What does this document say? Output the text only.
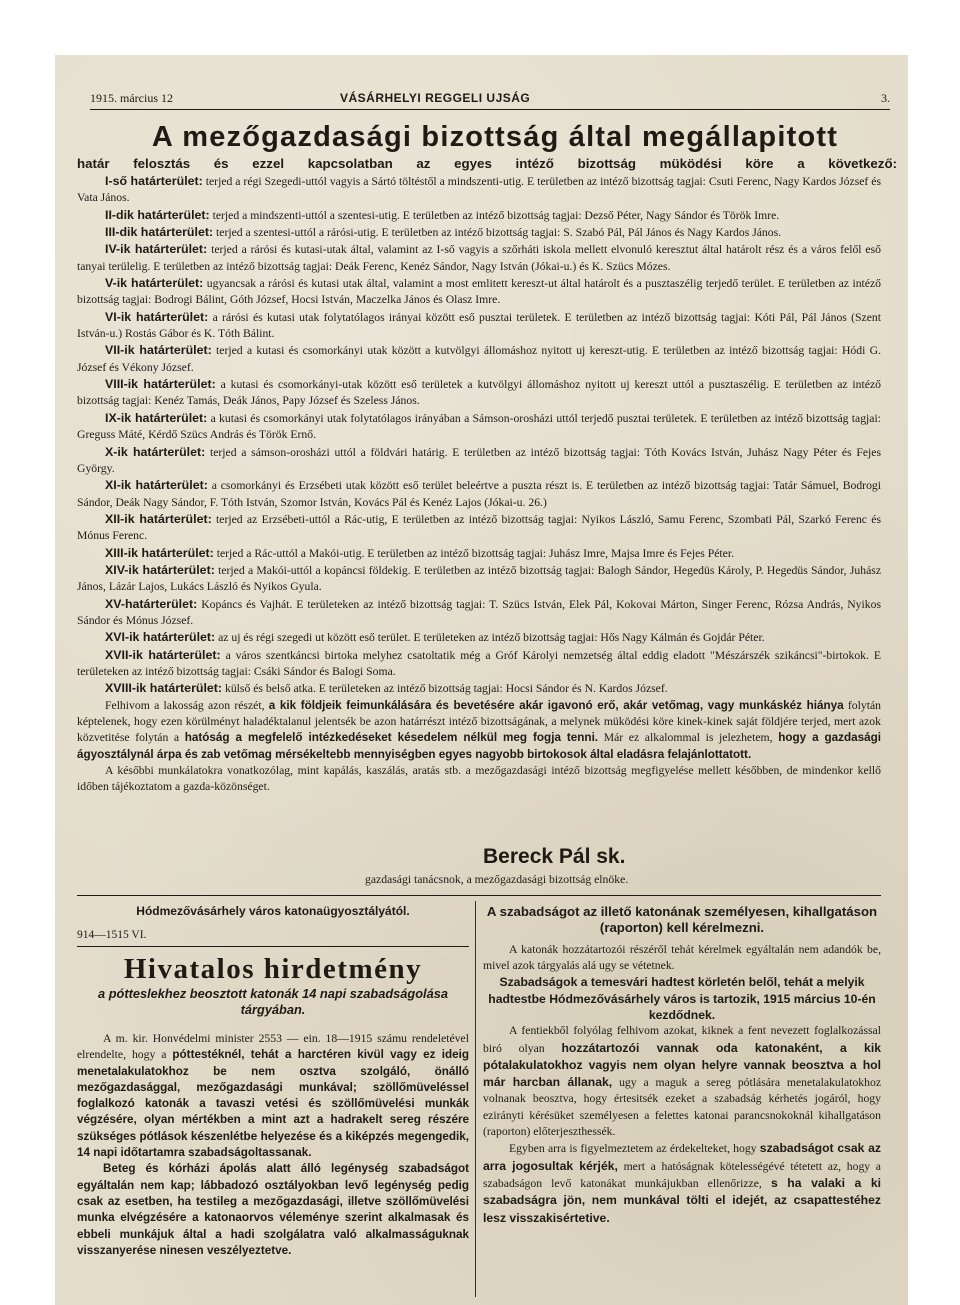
1915. március 12	VÁSÁRHELYI REGGELI UJSÁG	3.
A mezőgazdasági bizottság által megállapitott
határ felosztás és ezzel kapcsolatban az egyes intéző bizottság müködési köre a következő:

I-ső határterület: terjed a régi Szegedi-uttól vagyis a Sártó töltéstől a mindszenti-utig. E területben az intéző bizottság tagjai: Csuti Ferenc, Nagy Kardos József és Vata János.

II-dik határterület: terjed a mindszenti-uttól a szentesi-utig. E területben az intéző bizottság tagjai: Dezső Péter, Nagy Sándor és Török Imre.

III-dik határterület: terjed a szentesi-uttól a rárósi-utig. E területben az intéző bizottság tagjai: S. Szabó Pál, Pál János és Nagy Kardos János.

IV-ik határterület: terjed a rárósi és kutasi-utak által, valamint az I-ső vagyis a szőrháti iskola mellett elvonuló keresztut által határolt rész és a város felől eső tanyai terülelig. E területben az intéző bizottság tagjai: Deák Ferenc, Kenéz Sándor, Nagy István (Jókai-u.) és K. Szücs Mózes.

V-ik határterület: ugyancsak a rárósi és kutasi utak által, valamint a most emlitett kereszt-ut által határolt és a pusztaszélig terjedő terület. E területben az intéző bizottság tagjai: Bodrogi Bálint, Góth József, Hocsi István, Maczelka János és Olasz Imre.

VI-ik határterület: a rárósi és kutasi utak folytatólagos irányai között eső pusztai területek. E területben az intéző bizottság tagjai: Kóti Pál, Pál János (Szent István-u.) Rostás Gábor és K. Tóth Bálint.

VII-ik határterület: terjed a kutasi és csomorkányi utak között a kutvölgyi állomáshoz nyitott uj kereszt-utig. E területben az intéző bizottság tagjai: Hódi G. József és Vékony József.

VIII-ik határterület: a kutasi és csomorkányi-utak között eső területek a kutvölgyi állomáshoz nyitott uj kereszt uttól a pusztaszélig. E területben az intéző bizottság tagjai: Kenéz Tamás, Deák János, Papy József és Szeless János.

IX-ik határterület: a kutasi és csomorkányi utak folytatólagos irányában a Sámson-orosházi uttól terjedő pusztai területek. E területben az intéző bizottság tagjai: Greguss Máté, Kérdő Szücs András és Török Ernő.

X-ik határterület: terjed a sámson-orosházi uttól a földvári határig. E területben az intéző bizottság tagjai: Tóth Kovács István, Juhász Nagy Péter és Fejes György.

XI-ik határterület: a csomorkányi és Erzsébeti utak között eső terület beleértve a puszta részt is. E területben az intéző bizottság tagjai: Tatár Sámuel, Bodrogi Sándor, Deák Nagy Sándor, F. Tóth István, Szomor István, Kovács Pál és Kenéz Lajos (Jókai-u. 26.)

XII-ik határterület: terjed az Erzsébeti-uttól a Rác-utig, E területben az intéző bizottság tagjai: Nyikos László, Samu Ferenc, Szombati Pál, Szarkó Ferenc és Mónus Ferenc.

XIII-ik határterület: terjed a Rác-uttól a Makói-utig. E területben az intéző bizottság tagjai: Juhász Imre, Majsa Imre és Fejes Péter.

XIV-ik határterület: terjed a Makói-uttól a kopáncsi földekig. E területben az intéző bizottság tagjai: Balogh Sándor, Hegedüs Károly, P. Hegedüs Sándor, Juhász János, Lázár Lajos, Lukács László és Nyikos Gyula.

XV-határterület: Kopáncs és Vajhát. E területeken az intéző bizottság tagjai: T. Szücs István, Elek Pál, Kokovai Márton, Singer Ferenc, Rózsa András, Nyikos Sándor és Mónus József.

XVI-ik határterület: az uj és régi szegedi ut között eső terület. E területeken az intéző bizottság tagjai: Hős Nagy Kálmán és Gojdár Péter.

XVII-ik határterület: a város szentkáncsi birtoka melyhez csatoltatik még a Gróf Károlyi nemzetség által eddig eladott "Mészárszék szikáncsi"-birtokok. E területeken az intéző bizottság tagjai: Csáki Sándor és Balogi Soma.

XVIII-ik határterület: külső és belső atka. E területeken az intéző bizottság tagjai: Hocsi Sándor és N. Kardos József.

Felhivom a lakosság azon részét, a kik földjeik feimunkálására és bevetésére akár igavonó erő, akár vetőmag, vagy munkáskéz hiánya folytán képtelenek, hogy ezen körülményt haladéktalanul jelentsék be azon határrészt intéző bizottságának, a melynek müködési köre kinek-kinek saját földjére terjed, mert azok közvetitése folytán a hatóság a megfelelő intézkedéseket késedelem nélkül meg fogja tenni. Már ez alkalommal is jelezhetem, hogy a gazdasági ágyosztálynál árpa és zab vetőmag mérsékeltebb mennyiségben egyes nagyobb birtokosok által eladásra felajánlottatott.

A későbbi munkálatokra vonatkozólag, mint kapálás, kaszálás, aratás stb. a mezőgazdasági intéző bizottság megfigyelése mellett későbben, de mindenkor kellő időben tájékoztatom a gazda-közönséget.

Bereck Pál sk.
gazdasági tanácsnok, a mezőgazdasági bizottság elnöke.
Hódmezővásárhely város katonaügyosztályától.
914—1515 VI.
Hivatalos hirdetmény
a pótteslekhez beosztott katonák 14 napi szabadságolása tárgyában.

A m. kir. Honvédelmi minister 2553 — ein. 18—1915 számu rendeletével elrendelte, hogy a póttestéknél, tehát a harctéren kivül vagy ez ideig menetalakulatokhoz be nem osztva szolgáló, önálló mezőgazdasággal, mezőgazdasági munkával; szöllőmüveléssel foglalkozó katonák a tavaszi vetési és szöllőmüvelési munkák végzésére, olyan mértékben a mint azt a hadrakelt sereg részére szükséges pótlások készenlétbe helyezése és a kiképzés megengedik, 14 napi időtartamra szabadságoltassanak.

Beteg és kórházi ápolás alatt álló legénység szabadságot egyáltalán nem kap; lábbadozó osztályokban levő legénység pedig csak az esetben, ha testileg a mezőgazdasági, illetve szöllőmüvelési munka elvégzésére a katonaorvos véleménye szerint alkalmasak és ebbeli munkájuk által a hadi szolgálatra való alkalmasságuknak visszanyerése ninesen veszélyeztetve.

A szabadságot az illető katonának személyesen, kihallgatáson (raporton) kell kérelmezni.

A katonák hozzátartozói részéről tehát kérelmek egyáltalán nem adandók be, mivel azok tárgyalás alá ugy se vétetnek.

Szabadságok a temesvári hadtest körletén belől, tehát a melyik hadtestbe Hódmezővásárhely város is tartozik, 1915 március 10-én kezdődnek.

A fentiekből folyólag felhivom azokat, kiknek a fent nevezett foglalkozással biró olyan hozzátartozói vannak oda katonaként, a kik pótalakulatokhoz vagyis nem olyan helyre vannak beosztva a hol már harcban állanak, ugy a maguk a sereg pótlására menetalakulatokhoz volnanak beosztva, hogy értesitsék ezeket a szabadság kérhetés jogáról, hogy ezirányti kérésüket személyesen a felettes katonai parancsnokoknál kihallgatáson (raporton) előterjeszthessék.

Egyben arra is figyelmeztetem az érdekelteket, hogy szabadságot csak az arra jogosultak kérjék, mert a hatóságnak kötelességévé tétetett az, hogy a szabadságon levő katonákat munkájukban ellenőrizze, s ha valaki a ki szabadságra jön, nem munkával tölti el idejét, az csapattestéhez lesz visszakisértetive.
